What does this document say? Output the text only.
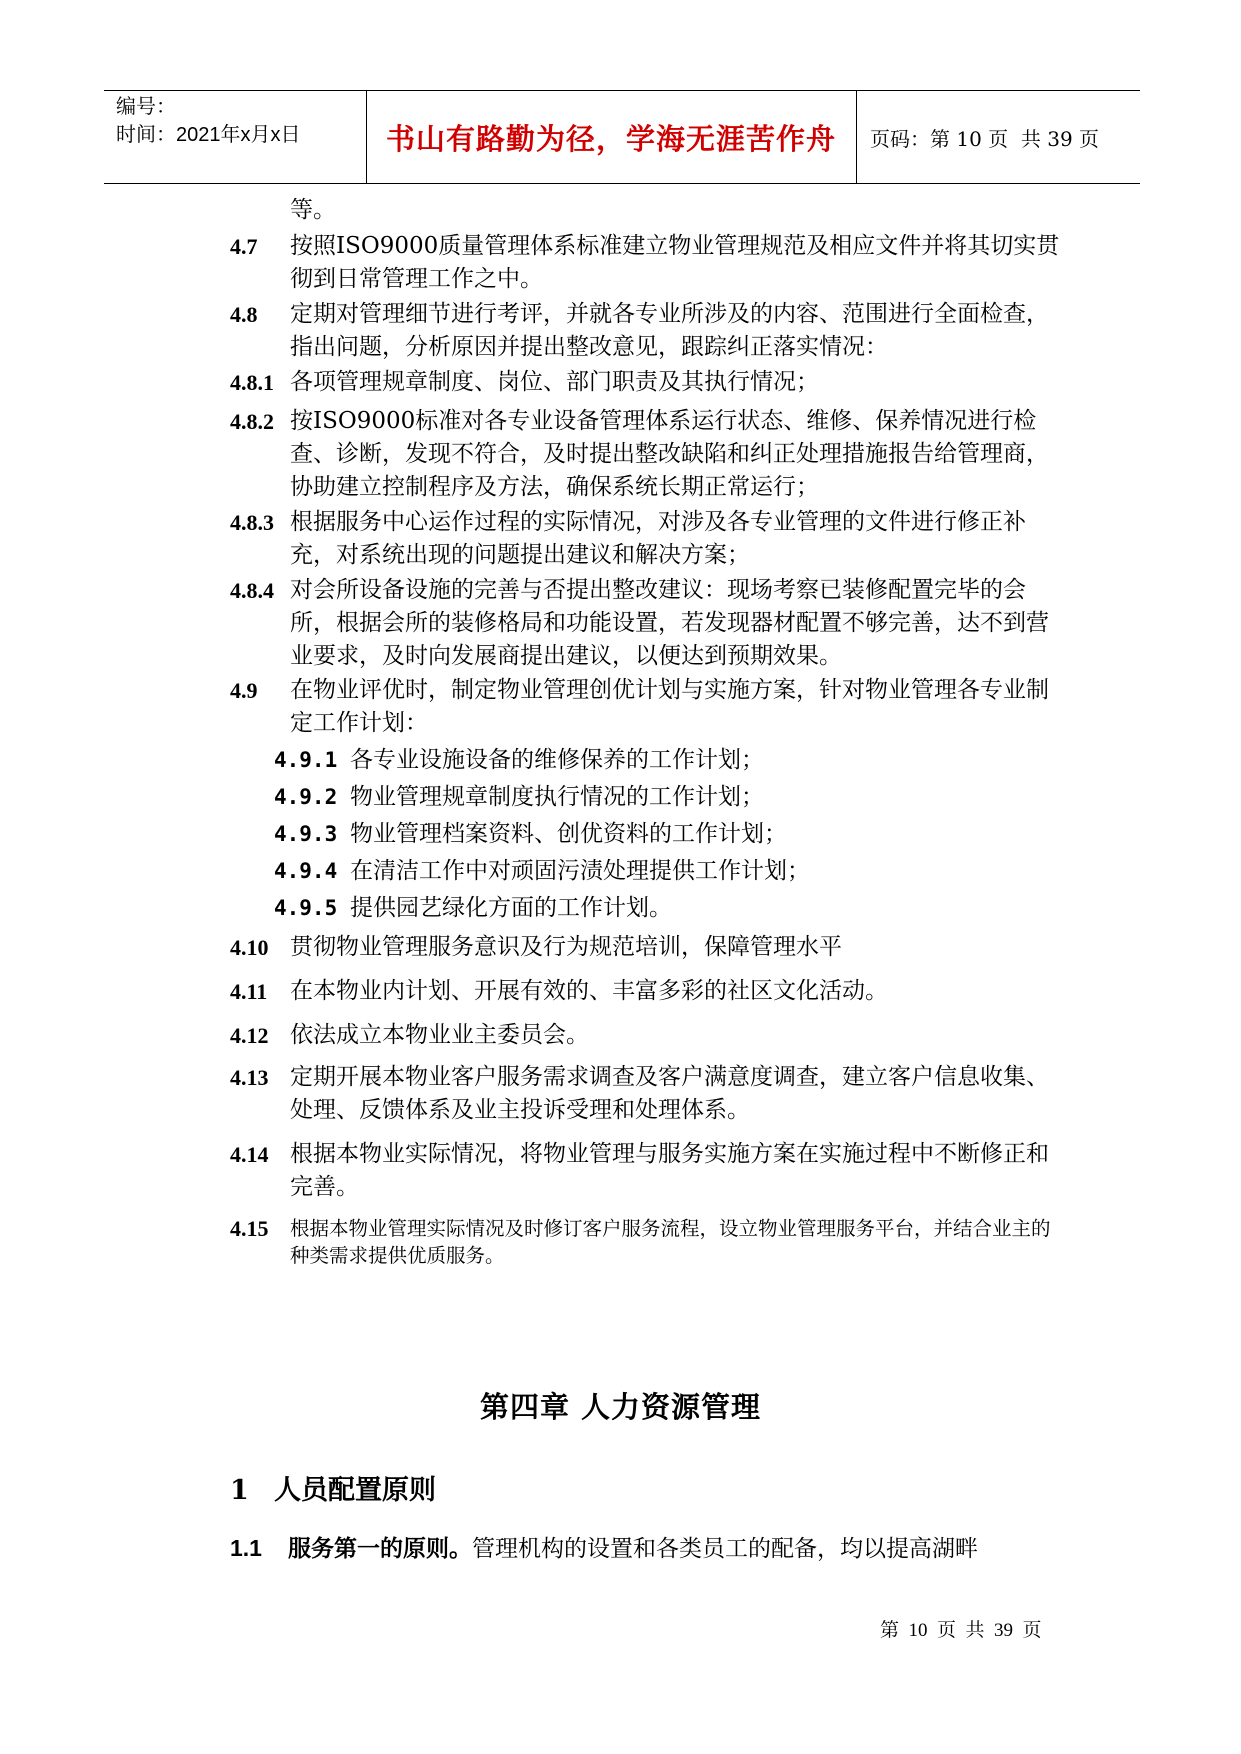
编号：
时间：2021年x月x日	书山有路勤为径，学海无涯苦作舟	页码：第 10 页  共 39 页
等。
4.7 按照ISO9000质量管理体系标准建立物业管理规范及相应文件并将其切实贯彻到日常管理工作之中。
4.8 定期对管理细节进行考评，并就各专业所涉及的内容、范围进行全面检查，指出问题，分析原因并提出整改意见，跟踪纠正落实情况：
4.8.1 各项管理规章制度、岗位、部门职责及其执行情况；
4.8.2 按ISO9000标准对各专业设备管理体系运行状态、维修、保养情况进行检查、诊断，发现不符合，及时提出整改缺陷和纠正处理措施报告给管理商，协助建立控制程序及方法，确保系统长期正常运行；
4.8.3 根据服务中心运作过程的实际情况，对涉及各专业管理的文件进行修正补充，对系统出现的问题提出建议和解决方案；
4.8.4 对会所设备设施的完善与否提出整改建议：现场考察已装修配置完毕的会所，根据会所的装修格局和功能设置，若发现器材配置不够完善，达不到营业要求，及时向发展商提出建议，以便达到预期效果。
4.9 在物业评优时，制定物业管理创优计划与实施方案，针对物业管理各专业制定工作计划：
4.9.1 各专业设施设备的维修保养的工作计划；
4.9.2 物业管理规章制度执行情况的工作计划；
4.9.3 物业管理档案资料、创优资料的工作计划；
4.9.4 在清洁工作中对顽固污渍处理提供工作计划；
4.9.5 提供园艺绿化方面的工作计划。
4.10 贯彻物业管理服务意识及行为规范培训，保障管理水平
4.11 在本物业内计划、开展有效的、丰富多彩的社区文化活动。
4.12 依法成立本物业业主委员会。
4.13 定期开展本物业客户服务需求调查及客户满意度调查，建立客户信息收集、处理、反馈体系及业主投诉受理和处理体系。
4.14 根据本物业实际情况，将物业管理与服务实施方案在实施过程中不断修正和完善。
4.15 根据本物业管理实际情况及时修订客户服务流程，设立物业管理服务平台，并结合业主的种类需求提供优质服务。
第四章 人力资源管理
1 人员配置原则
1.1 服务第一的原则。管理机构的设置和各类员工的配备，均以提高湖畔
第  10  页  共  39  页
